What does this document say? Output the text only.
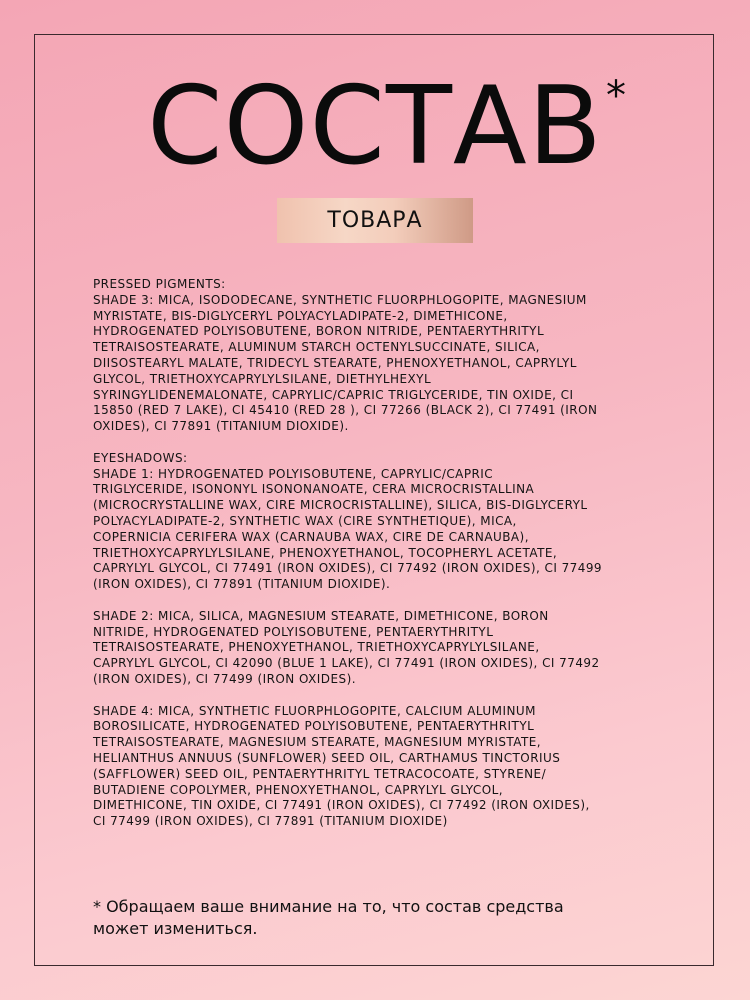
СОСТАВ *
ТОВАРА
PRESSED PIGMENTS:
SHADE 3: MICA, ISODODECANE, SYNTHETIC FLUORPHLOGOPITE, MAGNESIUM
MYRISTATE, BIS-DIGLYCERYL POLYACYLADIPATE-2, DIMETHICONE,
HYDROGENATED POLYISOBUTENE, BORON NITRIDE, PENTAERYTHRITYL
TETRAISOSTEARATE, ALUMINUM STARCH OCTENYLSUCCINATE, SILICA,
DIISOSTEARYL MALATE, TRIDECYL STEARATE, PHENOXYETHANOL, CAPRYLYL
GLYCOL, TRIETHOXYCAPRYLYLSILANE, DIETHYLHEXYL
SYRINGYLIDENEMALONATE, CAPRYLIC/CAPRIC TRIGLYCERIDE, TIN OXIDE, CI
15850 (RED 7 LAKE), CI 45410 (RED 28 ), CI 77266 (BLACK 2), CI 77491 (IRON
OXIDES), CI 77891 (TITANIUM DIOXIDE).
EYESHADOWS:
SHADE 1: HYDROGENATED POLYISOBUTENE, CAPRYLIC/CAPRIC
TRIGLYCERIDE, ISONONYL ISONONANOATE, CERA MICROCRISTALLINA
(MICROCRYSTALLINE WAX, CIRE MICROCRISTALLINE), SILICA, BIS-DIGLYCERYL
POLYACYLADIPATE-2, SYNTHETIC WAX (CIRE SYNTHETIQUE), MICA,
COPERNICIA CERIFERA WAX (CARNAUBA WAX, CIRE DE CARNAUBA),
TRIETHOXYCAPRYLYLSILANE, PHENOXYETHANOL, TOCOPHERYL ACETATE,
CAPRYLYL GLYCOL, CI 77491 (IRON OXIDES), CI 77492 (IRON OXIDES), CI 77499
(IRON OXIDES), CI 77891 (TITANIUM DIOXIDE).
SHADE 2: MICA, SILICA, MAGNESIUM STEARATE, DIMETHICONE, BORON
NITRIDE, HYDROGENATED POLYISOBUTENE, PENTAERYTHRITYL
TETRAISOSTEARATE, PHENOXYETHANOL, TRIETHOXYCAPRYLYLSILANE,
CAPRYLYL GLYCOL, CI 42090 (BLUE 1 LAKE), CI 77491 (IRON OXIDES), CI 77492
(IRON OXIDES), CI 77499 (IRON OXIDES).
SHADE 4: MICA, SYNTHETIC FLUORPHLOGOPITE, CALCIUM ALUMINUM
BOROSILICATE, HYDROGENATED POLYISOBUTENE, PENTAERYTHRITYL
TETRAISOSTEARATE, MAGNESIUM STEARATE, MAGNESIUM MYRISTATE,
HELIANTHUS ANNUUS (SUNFLOWER) SEED OIL, CARTHAMUS TINCTORIUS
(SAFFLOWER) SEED OIL, PENTAERYTHRITYL TETRACOCOATE, STYRENE/
BUTADIENE COPOLYMER, PHENOXYETHANOL, CAPRYLYL GLYCOL,
DIMETHICONE, TIN OXIDE, CI 77491 (IRON OXIDES), CI 77492 (IRON OXIDES),
CI 77499 (IRON OXIDES), CI 77891 (TITANIUM DIOXIDE)
* Обращаем ваше внимание на то, что состав средства
может измениться.
